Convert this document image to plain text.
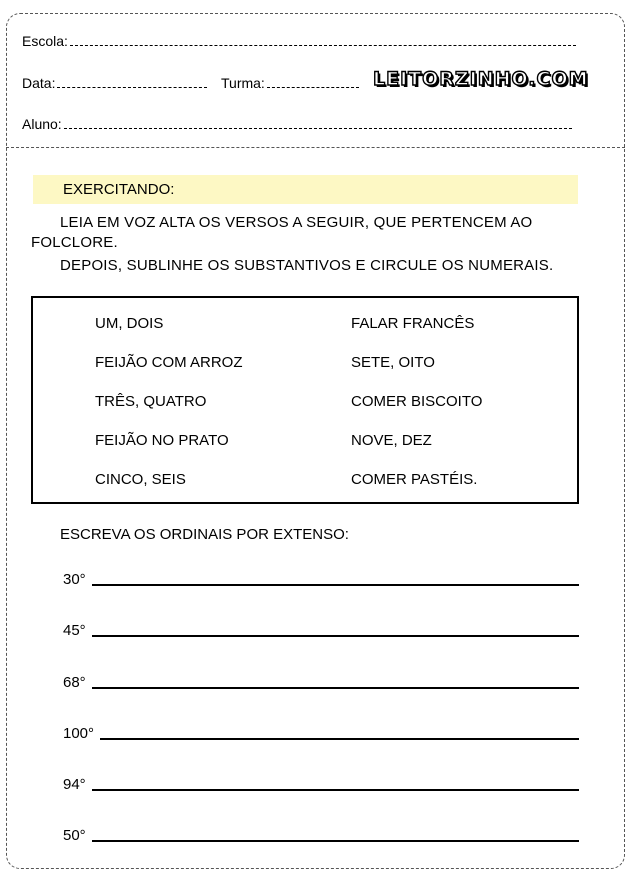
Escola:
Data:	Turma:	LEITORZINHO.COM
Aluno:
EXERCITANDO:
LEIA EM VOZ ALTA OS VERSOS A SEGUIR, QUE PERTENCEM AO
FOLCLORE.
DEPOIS, SUBLINHE OS SUBSTANTIVOS E CIRCULE OS NUMERAIS.
UM, DOIS
FEIJÃO COM ARROZ
TRÊS, QUATRO
FEIJÃO NO PRATO
CINCO, SEIS
FALAR FRANCÊS
SETE, OITO
COMER BISCOITO
NOVE, DEZ
COMER PASTÉIS.
ESCREVA OS ORDINAIS POR EXTENSO:
30°
45°
68°
100°
94°
50°
